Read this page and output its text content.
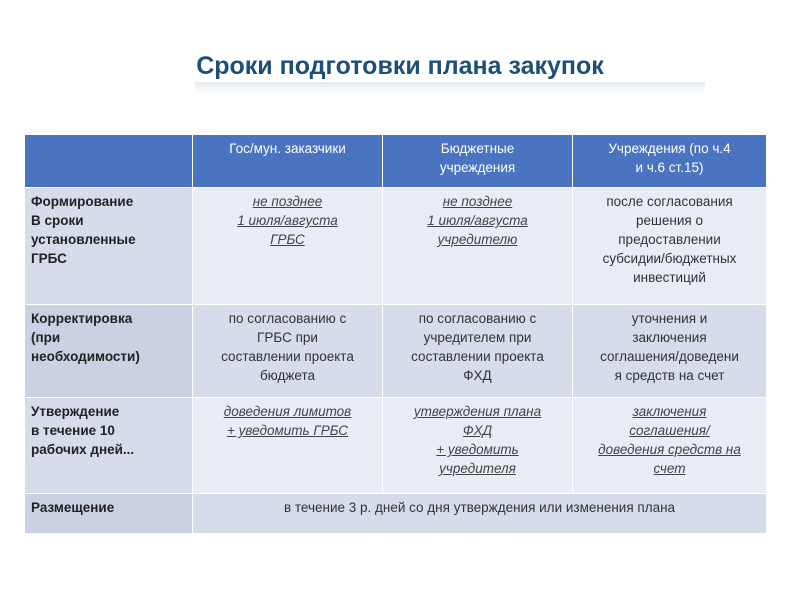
Сроки подготовки плана закупок
	Гос/мун. заказчики	Бюджетные учреждения	Учреждения (по ч.4 и ч.6 ст.15)

Формирование
В сроки
установленные
ГРБС	не позднее
1 июля/августа
ГРБС	не позднее
1 июля/августа
учредителю	после согласования
решения о
предоставлении
субсидии/бюджетных
инвестиций

Корректировка
(при
необходимости)	по согласованию с
ГРБС при
составлении проекта
бюджета	по согласованию с
учредителем при
составлении проекта
ФХД	уточнения и
заключения
соглашения/доведени
я средств на счет

Утверждение
в течение 10
рабочих дней...	доведения лимитов
+ уведомить ГРБС	утверждения плана
ФХД
+ уведомить
учредителя	заключения
соглашения/
доведения средств на
счет

Размещение	в течение 3 р. дней со дня утверждения или изменения плана		
